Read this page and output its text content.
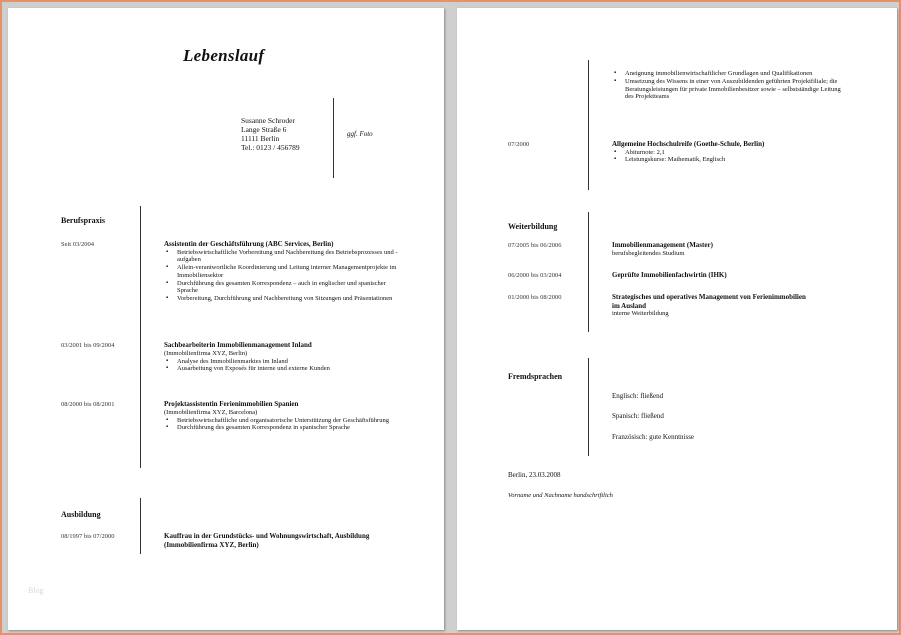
Lebenslauf
Susanne Schroder
Lange Straße 6
11111 Berlin
Tel.: 0123 / 456789
ggf. Foto
Berufspraxis
Seit 03/2004	Assistentin der Geschäftsführung (ABC Services, Berlin)
▪ Betriebswirtschaftliche Vorbereitung und Nachbereitung des Betriebsprozesses und -aufgaben
▪ Allein-verantwortliche Koordinierung und Leitung interner Managementprojekte im Immobiliensektor
▪ Durchführung des gesamten Korrespondenz – auch in englischer und spanischer Sprache
▪ Vorbereitung, Durchführung und Nachbereitung von Sitzungen und Präsentationen
03/2001 bis 09/2004	Sachbearbeiterin Immobilienmanagement Inland
(Immobilienfirma XYZ, Berlin)
▪ Analyse des Immobilienmarktes im Inland
▪ Ausarbeitung von Exposés für interne und externe Kunden
08/2000 bis 08/2001	Projektassistentin Ferienimmobilien Spanien
(Immobilienfirma XYZ, Barcelona)
▪ Betriebswirtschaftliche und organisatorische Unterstützung der Geschäftsführung
▪ Durchführung des gesamten Korrespondenz in spanischer Sprache
Ausbildung
08/1997 bis 07/2000	Kauffrau in der Grundstücks- und Wohnungswirtschaft, Ausbildung (Immobilienfirma XYZ, Berlin)
Blog
▪ Aneignung immobilienwirtschaftlicher Grundlagen und Qualifikationen
▪ Umsetzung des Wissens in einer von Auszubildenden geführten Projektfiliale; die Beratungsleistungen für private Immobilienbesitzer sowie – selbstständige Leitung des Projektteams
07/2000	Allgemeine Hochschulreife (Goethe-Schule, Berlin)
▪ Abiturnote: 2,1
▪ Leistungskurse: Mathematik, Englisch
Weiterbildung
07/2005 bis 06/2006	Immobilienmanagement (Master)
berufsbegleitendes Studium
06/2000 bis 03/2004	Geprüfte Immobilienfachwirtin (IHK)
01/2000 bis 08/2000	Strategisches und operatives Management von Ferienimmobilien im Ausland
interne Weiterbildung
Fremdsprachen
Englisch: fließend
Spanisch: fließend
Französisch: gute Kenntnisse
Berlin, 23.03.2008
Vorname und Nachname handschriftlich
